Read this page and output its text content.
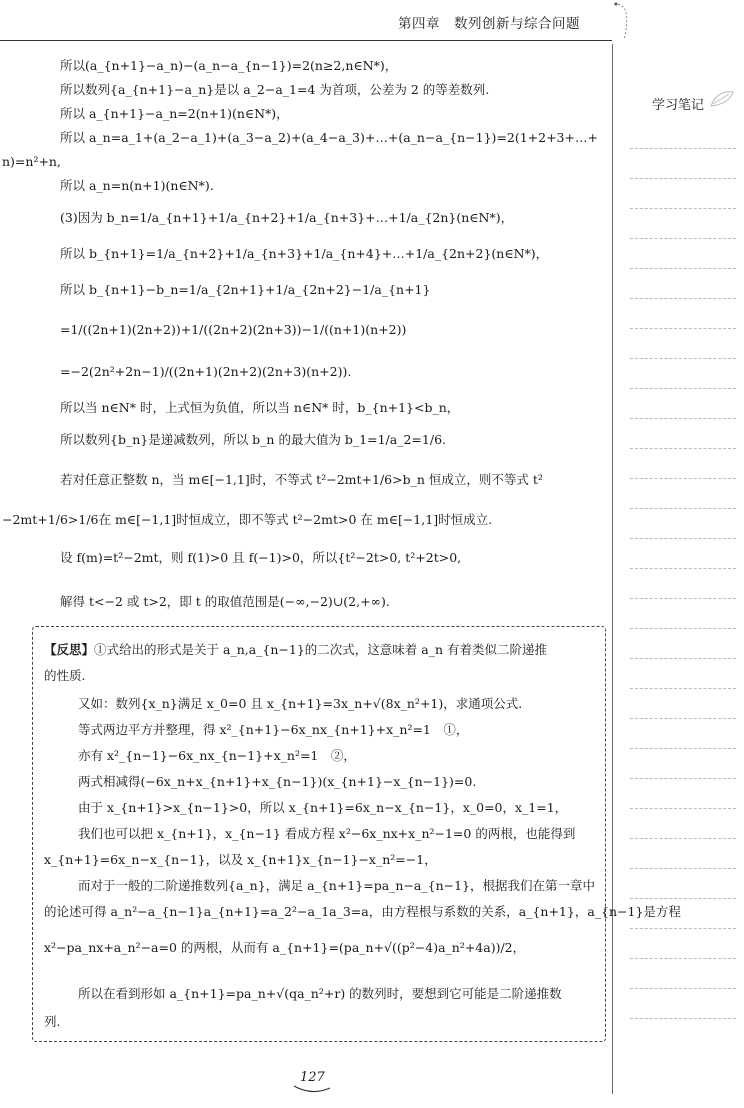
第四章　数列创新与综合问题
学习笔记
所以(a_{n+1}−a_n)−(a_n−a_{n−1})=2(n≥2,n∈N*)，
所以数列{a_{n+1}−a_n}是以 a_2−a_1=4 为首项，公差为 2 的等差数列.
所以 a_{n+1}−a_n=2(n+1)(n∈N*)，
所以 a_n=a_1+(a_2−a_1)+(a_3−a_2)+(a_4−a_3)+…+(a_n−a_{n−1})=2(1+2+3+…+
n)=n²+n,
所以 a_n=n(n+1)(n∈N*).
(3)因为 b_n=1/a_{n+1}+1/a_{n+2}+1/a_{n+3}+…+1/a_{2n}(n∈N*)，
所以 b_{n+1}=1/a_{n+2}+1/a_{n+3}+1/a_{n+4}+…+1/a_{2n+2}(n∈N*)，
所以 b_{n+1}−b_n=1/a_{2n+1}+1/a_{2n+2}−1/a_{n+1}
=1/((2n+1)(2n+2))+1/((2n+2)(2n+3))−1/((n+1)(n+2))
=−2(2n²+2n−1)/((2n+1)(2n+2)(2n+3)(n+2)).
所以当 n∈N* 时，上式恒为负值，所以当 n∈N* 时，b_{n+1}<b_n，
所以数列{b_n}是递减数列，所以 b_n 的最大值为 b_1=1/a_2=1/6.
若对任意正整数 n，当 m∈[−1,1]时，不等式 t²−2mt+1/6>b_n 恒成立，则不等式 t²
−2mt+1/6>1/6在 m∈[−1,1]时恒成立，即不等式 t²−2mt>0 在 m∈[−1,1]时恒成立.
设 f(m)=t²−2mt，则 f(1)>0 且 f(−1)>0，所以{t²−2t>0, t²+2t>0,
解得 t<−2 或 t>2，即 t 的取值范围是(−∞,−2)∪(2,+∞).
【反思】①式给出的形式是关于 a_n,a_{n−1}的二次式，这意味着 a_n 有着类似二阶递推
的性质.
又如：数列{x_n}满足 x_0=0 且 x_{n+1}=3x_n+√(8x_n²+1)，求通项公式.
等式两边平方并整理，得 x²_{n+1}−6x_nx_{n+1}+x_n²=1　①，
亦有 x²_{n−1}−6x_nx_{n−1}+x_n²=1　②，
两式相减得(−6x_n+x_{n+1}+x_{n−1})(x_{n+1}−x_{n−1})=0.
由于 x_{n+1}>x_{n−1}>0，所以 x_{n+1}=6x_n−x_{n−1}，x_0=0，x_1=1，
我们也可以把 x_{n+1}，x_{n−1} 看成方程 x²−6x_nx+x_n²−1=0 的两根，也能得到
x_{n+1}=6x_n−x_{n−1}，以及 x_{n+1}x_{n−1}−x_n²=−1，
而对于一般的二阶递推数列{a_n}，满足 a_{n+1}=pa_n−a_{n−1}，根据我们在第一章中
的论述可得 a_n²−a_{n−1}a_{n+1}=a_2²−a_1a_3=a，由方程根与系数的关系，a_{n+1}，a_{n−1}是方程
x²−pa_nx+a_n²−a=0 的两根，从而有 a_{n+1}=(pa_n+√((p²−4)a_n²+4a))/2，
所以在看到形如 a_{n+1}=pa_n+√(qa_n²+r) 的数列时，要想到它可能是二阶递推数
列.
127
